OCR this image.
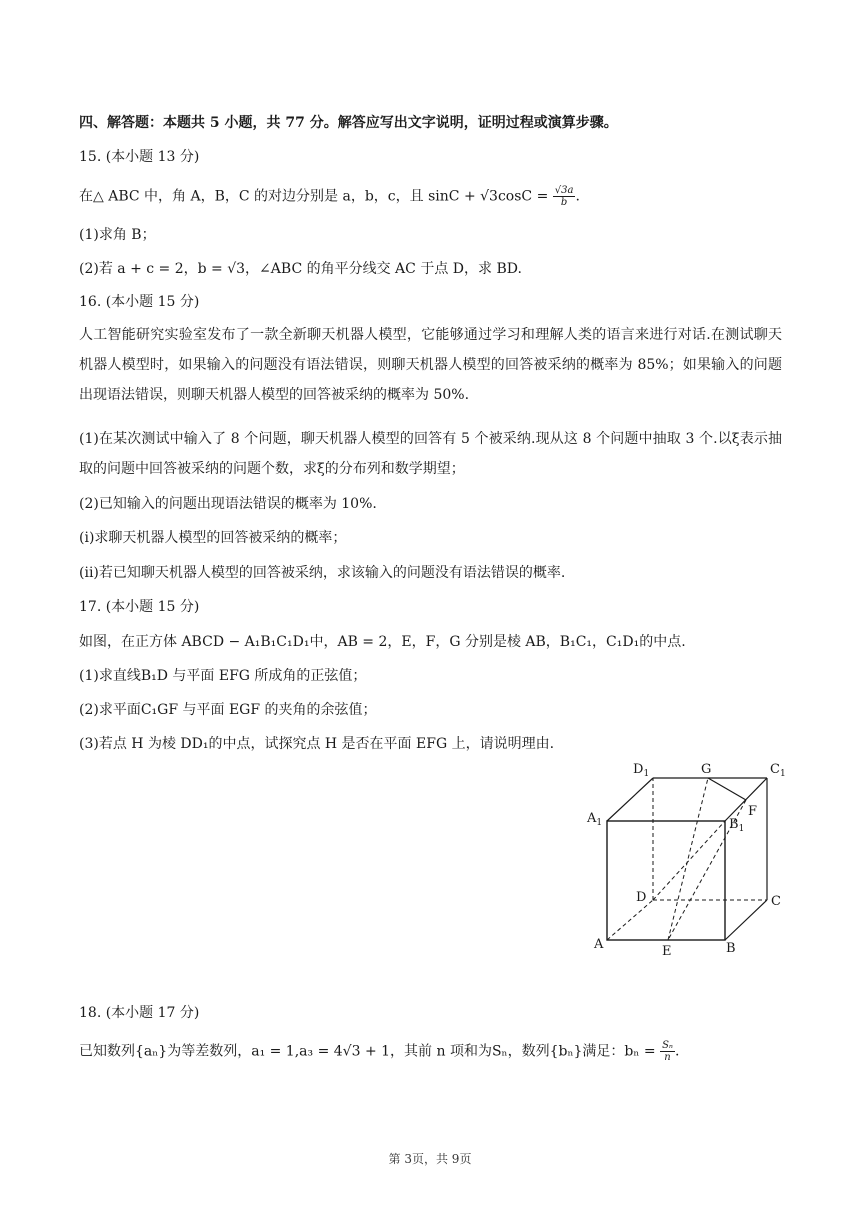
四、解答题：本题共 5 小题，共 77 分。解答应写出文字说明，证明过程或演算步骤。
15. (本小题 13 分)
在△ ABC 中，角 A，B，C 的对边分别是 a，b，c，且 $\sin C + √3\cos C = \frac{√3a}{b}$ .
(1)求角 B；
(2)若 a + c = 2，b = √3，∠ABC 的角平分线交 AC 于点 D，求 BD.
16. (本小题 15 分)
人工智能研究实验室发布了一款全新聊天机器人模型，它能够通过学习和理解人类的语言来进行对话.在测试聊天机器人模型时，如果输入的问题没有语法错误，则聊天机器人模型的回答被采纳的概率为 85%；如果输入的问题出现语法错误，则聊天机器人模型的回答被采纳的概率为 50%.
(1)在某次测试中输入了 8 个问题，聊天机器人模型的回答有 5 个被采纳.现从这 8 个问题中抽取 3 个.以ξ表示抽取的问题中回答被采纳的问题个数，求ξ的分布列和数学期望；
(2)已知输入的问题出现语法错误的概率为 10%.
(i)求聊天机器人模型的回答被采纳的概率；
(ii)若已知聊天机器人模型的回答被采纳，求该输入的问题没有语法错误的概率.
17. (本小题 15 分)
如图，在正方体 ABCD − A₁B₁C₁D₁中，AB = 2，E，F，G 分别是棱 AB，B₁C₁，C₁D₁的中点.
(1)求直线B₁D 与平面 EFG 所成角的正弦值；
(2)求平面C₁GF 与平面 EGF 的夹角的余弦值；
(3)若点 H 为棱 DD₁的中点，试探究点 H 是否在平面 EFG 上，请说明理由.
$D_1$	G	$C_1$
$A_1$	$B_1$
F
D	C
A	E	B
18. (本小题 17 分)
已知数列{aₙ}为等差数列，a₁ = 1,a₃ = 4√3 + 1，其前 n 项和为Sₙ，数列{bₙ}满足：$b_n = \frac{\text{Sₙ}}{n}$ .
第 3页，共 9页
